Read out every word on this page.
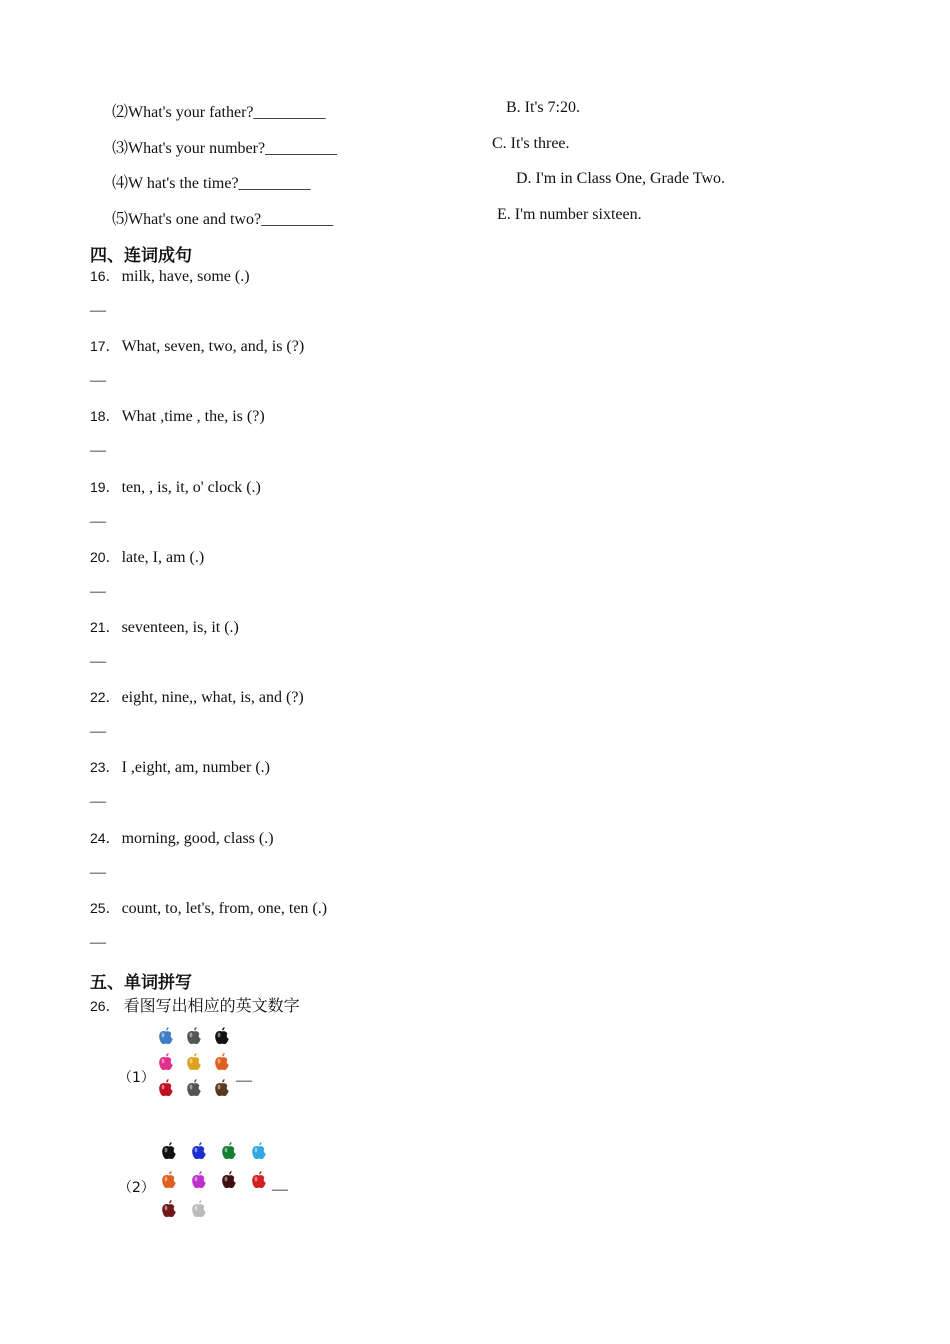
⑵What's your father?_________
⑶What's your number?_________
⑷W hat's the time?_________
⑸What's one and two?_________
B. It's 7:20.
C. It's three.
D. I'm in Class One, Grade Two.
E. I'm number sixteen.
四、连词成句
16． milk, have, some (.)
—
17． What, seven, two, and, is (?)
—
18． What ,time , the, is (?)
—
19． ten, , is, it, o' clock (.)
—
20． late, I, am (.)
—
21． seventeen, is, it (.)
—
22． eight, nine,, what, is, and (?)
—
23． I ,eight, am, number (.)
—
24． morning, good, class (.)
—
25． count, to, let's, from, one, ten (.)
—
五、单词拼写
26． 看图写出相应的英文数字
（1）	—
（2）	—
